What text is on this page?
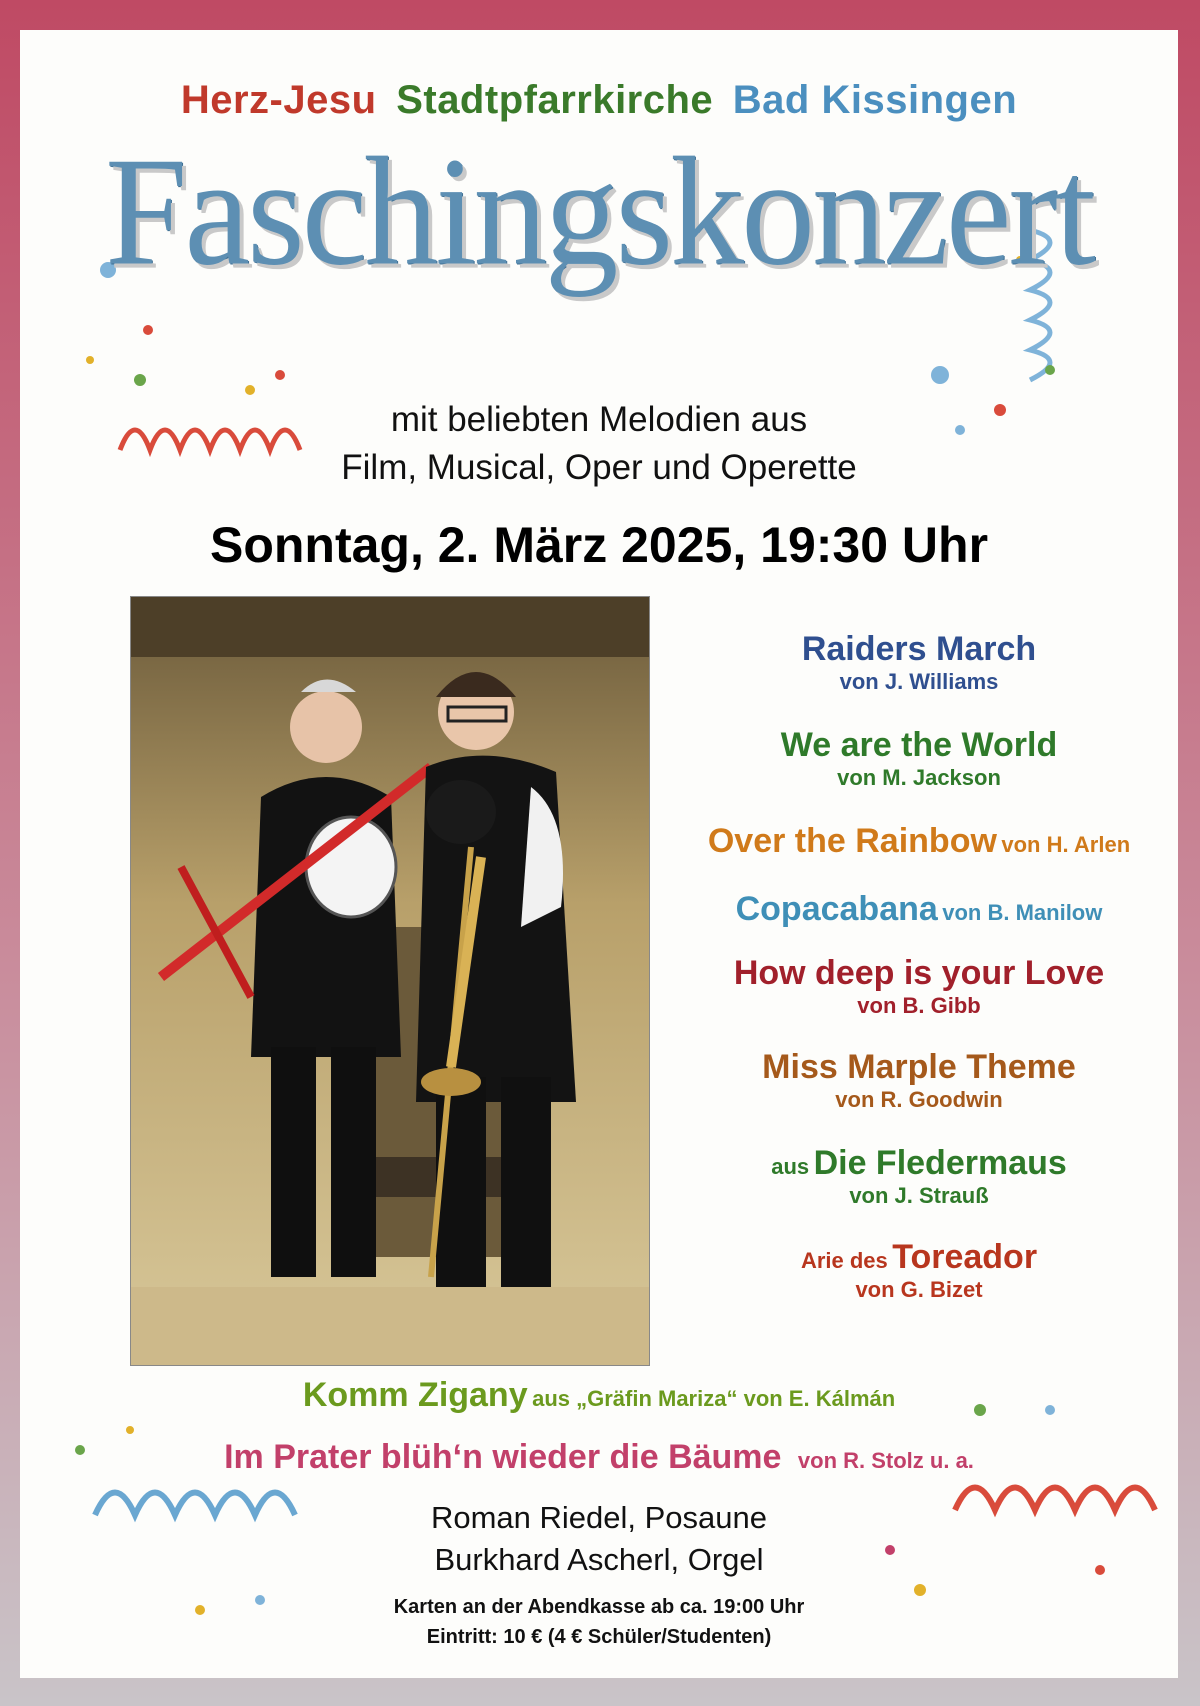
Herz-Jesu Stadtpfarrkirche Bad Kissingen
Faschingskonzert
mit beliebten Melodien aus
Film, Musical, Oper und Operette
Sonntag, 2. März 2025, 19:30 Uhr
Raiders March
von J. Williams
We are the World
von M. Jackson
Over the Rainbow von H. Arlen
Copacabana von B. Manilow
How deep is your Love
von B. Gibb
Miss Marple Theme
von R. Goodwin
aus Die Fledermaus
von J. Strauß
Arie des Toreador
von G. Bizet
Komm Zigany aus „Gräfin Mariza“ von E. Kálmán
Im Prater blüh‘n wieder die Bäume von R. Stolz u. a.
Roman Riedel, Posaune
Burkhard Ascherl, Orgel
Karten an der Abendkasse ab ca. 19:00 Uhr
Eintritt: 10 € (4 € Schüler/Studenten)
